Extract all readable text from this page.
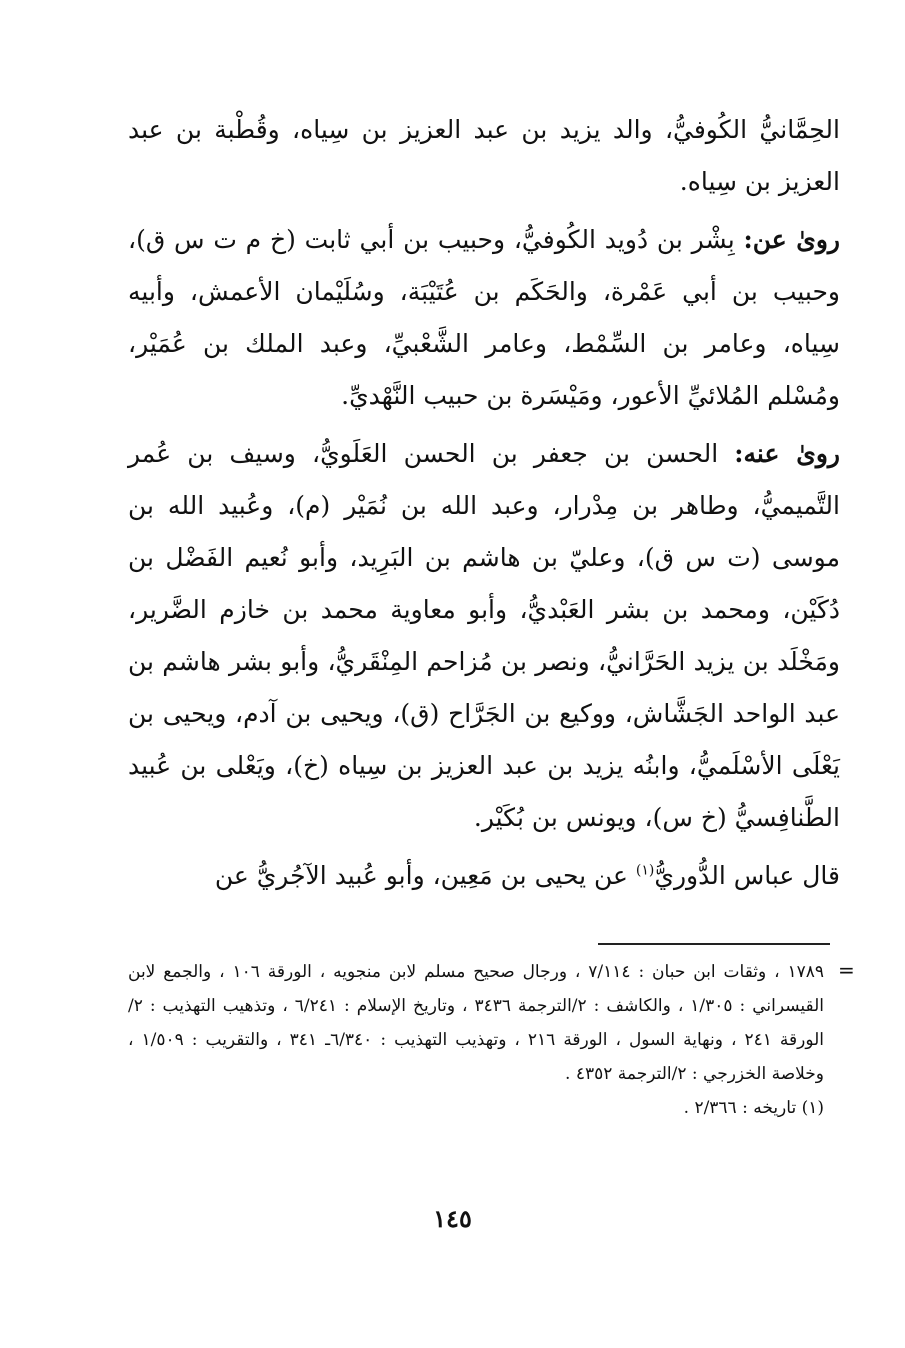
الحِمَّانيُّ الكُوفيُّ، والد يزيد بن عبد العزيز بن سِياه، وقُطْبة بن عبد العزيز بن سِياه.

روىٰ عن: بِشْر بن دُويد الكُوفيُّ، وحبيب بن أبي ثابت (خ م ت س ق)، وحبيب بن أبي عَمْرة، والحَكَم بن عُتَيْبَة، وسُلَيْمان الأعمش، وأبيه سِياه، وعامر بن السِّمْط، وعامر الشَّعْبيِّ، وعبد الملك بن عُمَيْر، ومُسْلم المُلائيِّ الأعور، ومَيْسَرة بن حبيب النَّهْديِّ.

روىٰ عنه: الحسن بن جعفر بن الحسن العَلَويُّ، وسيف بن عُمر التَّميميُّ، وطاهر بن مِدْرار، وعبد الله بن نُمَيْر (م)، وعُبيد الله بن موسى (ت س ق)، وعليّ بن هاشم بن البَرِيد، وأبو نُعيم الفَضْل بن دُكَيْن، ومحمد بن بشر العَبْديُّ، وأبو معاوية محمد بن خازم الضَّرير، ومَخْلَد بن يزيد الحَرَّانيُّ، ونصر بن مُزاحم المِنْقَريُّ، وأبو بشر هاشم بن عبد الواحد الجَشَّاش، ووكيع بن الجَرَّاح (ق)، ويحيى بن آدم، ويحيى بن يَعْلَى الأسْلَميُّ، وابنُه يزيد بن عبد العزيز بن سِياه (خ)، ويَعْلى بن عُبيد الطَّنافِسيُّ (خ س)، ويونس بن بُكَيْر.

قال عباس الدُّوريُّ$^{(١)}$ عن يحيى بن مَعِين، وأبو عُبيد الآجُريُّ عن

=

١٧٨٩ ، وثقات ابن حبان : ٧/١١٤ ، ورجال صحيح مسلم لابن منجويه ، الورقة ١٠٦ ، والجمع لابن القيسراني : ١/٣٠٥ ، والكاشف : ٢/الترجمة ٣٤٣٦ ، وتاريخ الإسلام : ٦/٢٤١ ، وتذهيب التهذيب : ٢/الورقة ٢٤١ ، ونهاية السول ، الورقة ٢١٦ ، وتهذيب التهذيب : ٦/٣٤٠ـ ٣٤١ ، والتقريب : ١/٥٠٩ ، وخلاصة الخزرجي : ٢/الترجمة ٤٣٥٢ .

(١) تاريخه : ٢/٣٦٦ .

١٤٥
